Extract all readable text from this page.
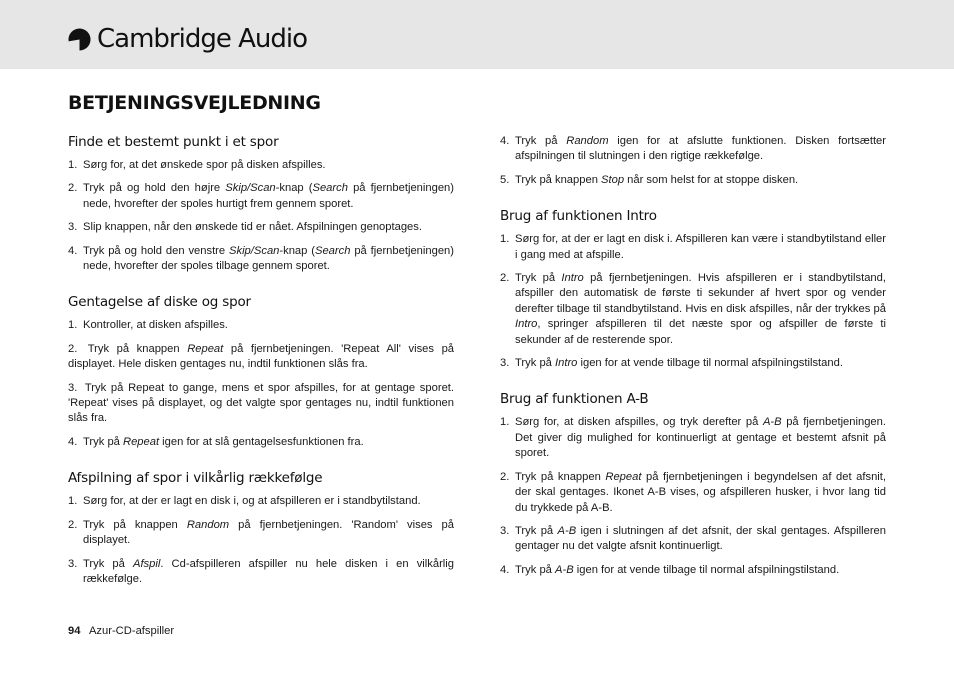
Cambridge Audio
BETJENINGSVEJLEDNING
Finde et bestemt punkt i et spor
1. Sørg for, at det ønskede spor på disken afspilles.
2. Tryk på og hold den højre Skip/Scan-knap (Search på fjernbetjeningen) nede, hvorefter der spoles hurtigt frem gennem sporet.
3. Slip knappen, når den ønskede tid er nået. Afspilningen genoptages.
4. Tryk på og hold den venstre Skip/Scan-knap (Search på fjernbetjeningen) nede, hvorefter der spoles tilbage gennem sporet.
Gentagelse af diske og spor
1. Kontroller, at disken afspilles.
2. Tryk på knappen Repeat på fjernbetjeningen. 'Repeat All' vises på displayet. Hele disken gentages nu, indtil funktionen slås fra.
3. Tryk på Repeat to gange, mens et spor afspilles, for at gentage sporet. 'Repeat' vises på displayet, og det valgte spor gentages nu, indtil funktionen slås fra.
4. Tryk på Repeat igen for at slå gentagelsesfunktionen fra.
Afspilning af spor i vilkårlig rækkefølge
1. Sørg for, at der er lagt en disk i, og at afspilleren er i standbytilstand.
2. Tryk på knappen Random på fjernbetjeningen. 'Random' vises på displayet.
3. Tryk på Afspil. Cd-afspilleren afspiller nu hele disken i en vilkårlig rækkefølge.
4. Tryk på Random igen for at afslutte funktionen. Disken fortsætter afspilningen til slutningen i den rigtige rækkefølge.
5. Tryk på knappen Stop når som helst for at stoppe disken.
Brug af funktionen Intro
1. Sørg for, at der er lagt en disk i. Afspilleren kan være i standbytilstand eller i gang med at afspille.
2. Tryk på Intro på fjernbetjeningen. Hvis afspilleren er i standbytilstand, afspiller den automatisk de første ti sekunder af hvert spor og vender derefter tilbage til standbytilstand. Hvis en disk afspilles, når der trykkes på Intro, springer afspilleren til det næste spor og afspiller de første ti sekunder af de resterende spor.
3. Tryk på Intro igen for at vende tilbage til normal afspilningstilstand.
Brug af funktionen A-B
1. Sørg for, at disken afspilles, og tryk derefter på A-B på fjernbetjeningen. Det giver dig mulighed for kontinuerligt at gentage et bestemt afsnit på sporet.
2. Tryk på knappen Repeat på fjernbetjeningen i begyndelsen af det afsnit, der skal gentages. Ikonet A-B vises, og afspilleren husker, i hvor lang tid du trykkede på A-B.
3. Tryk på A-B igen i slutningen af det afsnit, der skal gentages. Afspilleren gentager nu det valgte afsnit kontinuerligt.
4. Tryk på A-B igen for at vende tilbage til normal afspilningstilstand.
94 Azur-CD-afspiller
